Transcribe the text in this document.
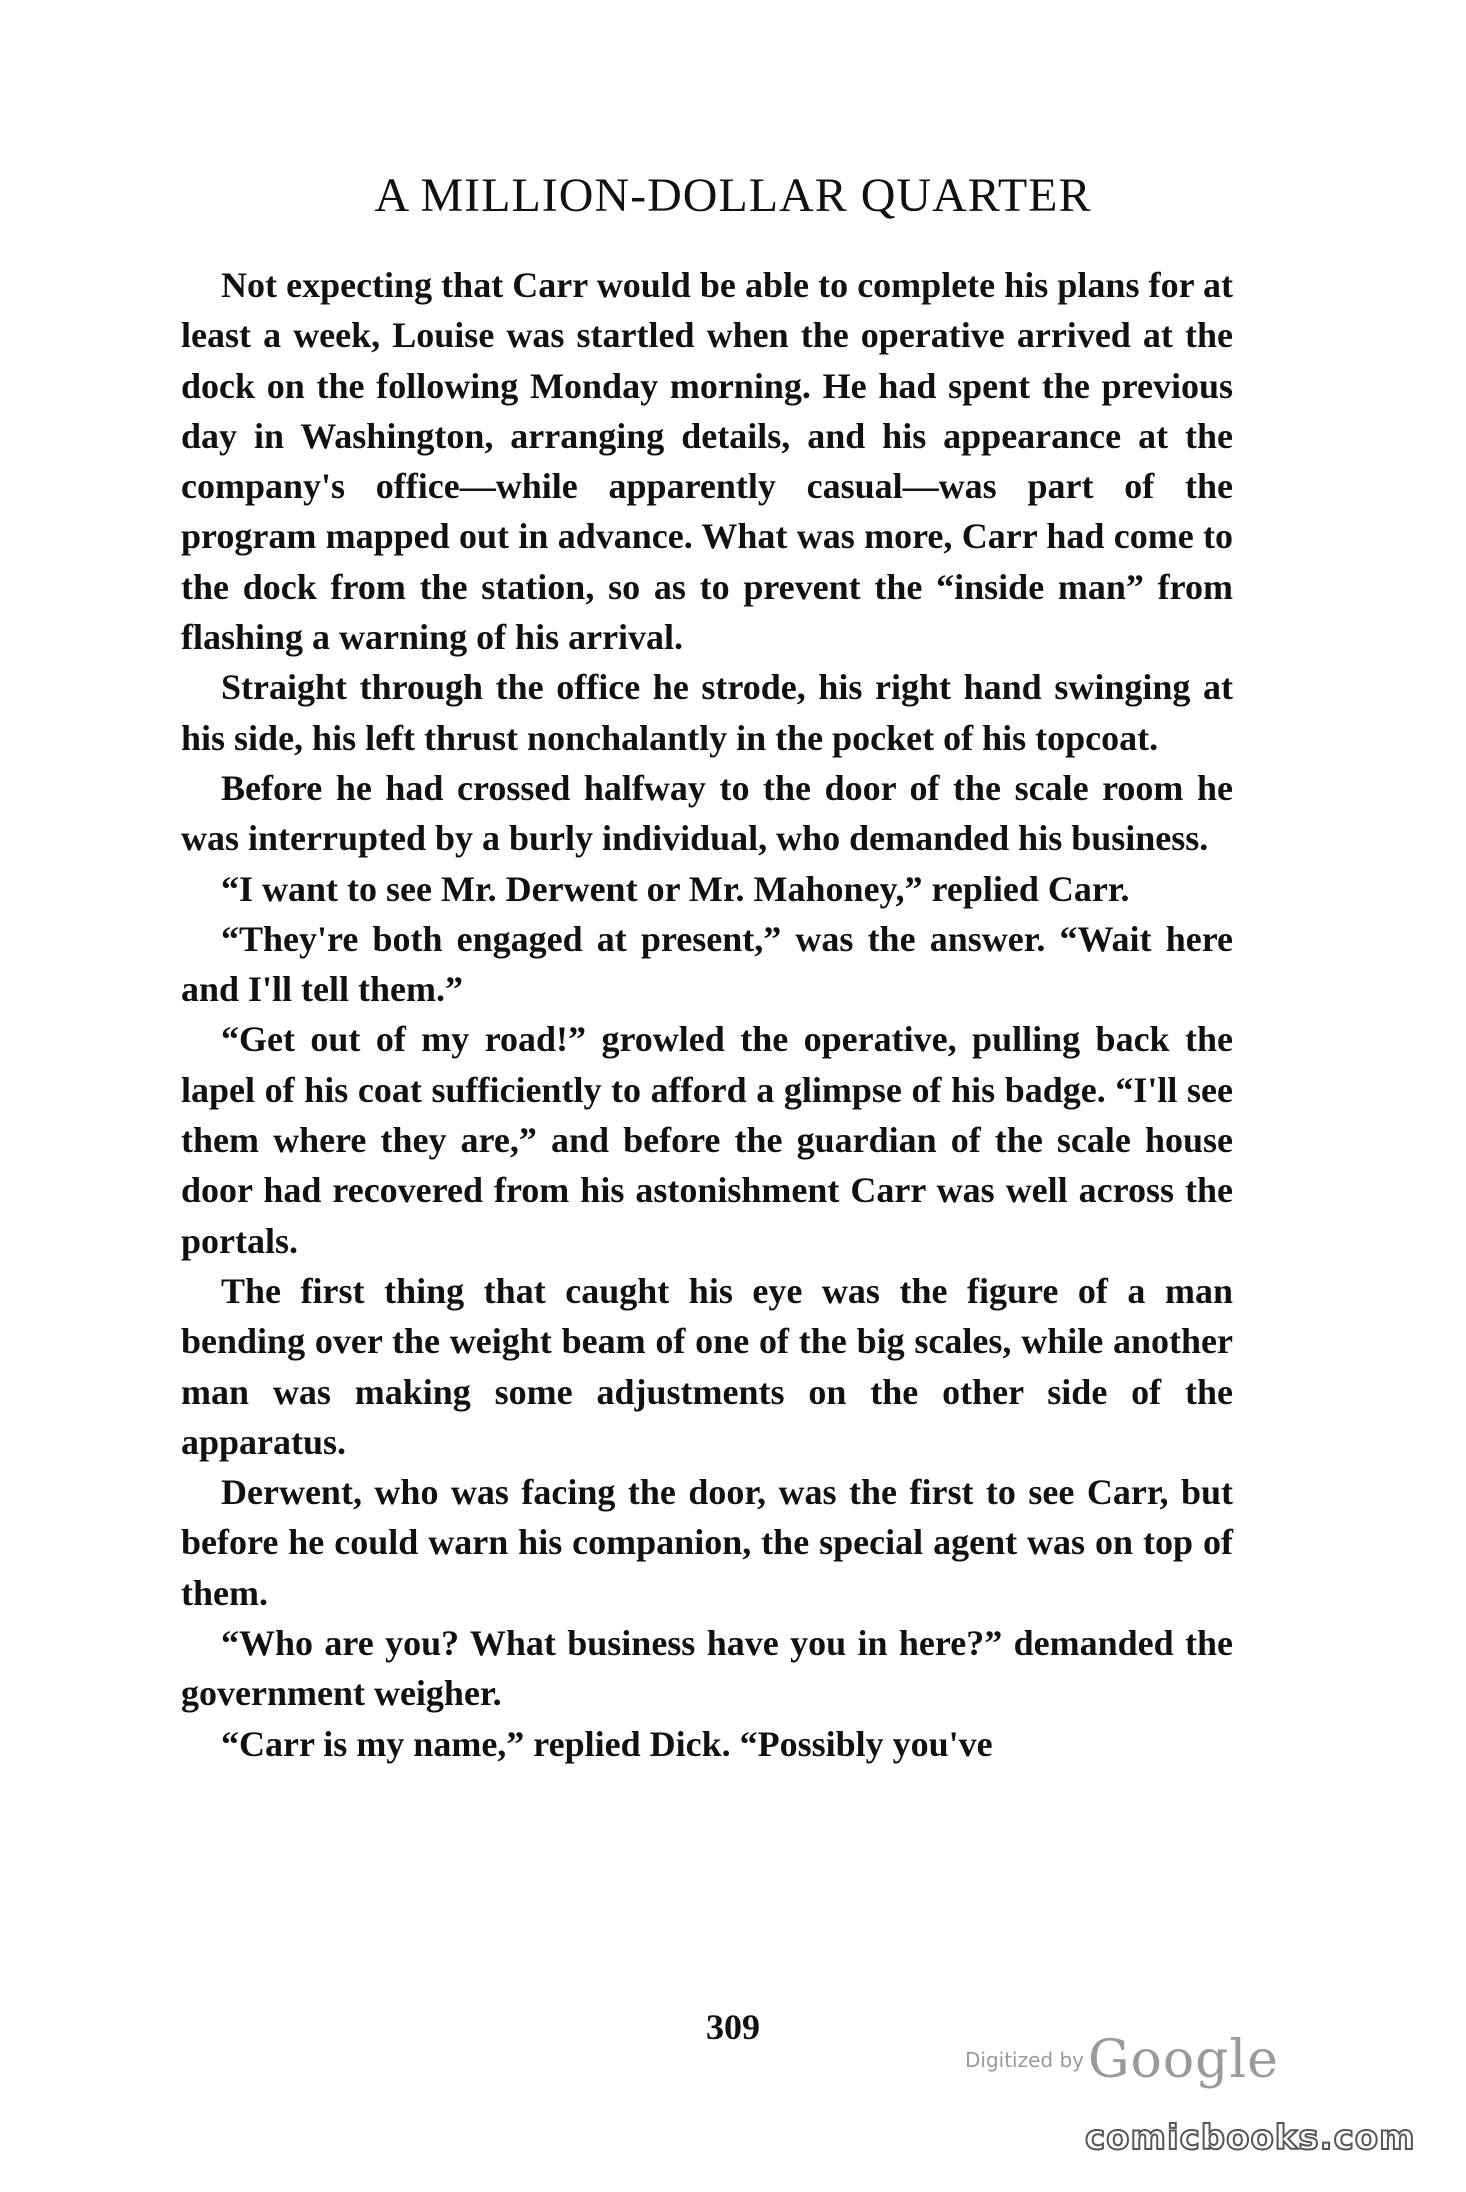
A MILLION-DOLLAR QUARTER

Not expecting that Carr would be able to complete his plans for at least a week, Louise was startled when the operative arrived at the dock on the following Monday morning. He had spent the previous day in Washington, arranging details, and his appearance at the company's office—while apparently casual—was part of the program mapped out in advance. What was more, Carr had come to the dock from the station, so as to prevent the “inside man” from flashing a warning of his arrival.

Straight through the office he strode, his right hand swinging at his side, his left thrust nonchalantly in the pocket of his topcoat.

Before he had crossed halfway to the door of the scale room he was interrupted by a burly individual, who demanded his business.

“I want to see Mr. Derwent or Mr. Mahoney,” replied Carr.

“They're both engaged at present,” was the answer. “Wait here and I'll tell them.”

“Get out of my road!” growled the operative, pulling back the lapel of his coat sufficiently to afford a glimpse of his badge. “I'll see them where they are,” and before the guardian of the scale house door had recovered from his astonishment Carr was well across the portals.

The first thing that caught his eye was the figure of a man bending over the weight beam of one of the big scales, while another man was making some adjustments on the other side of the apparatus.

Derwent, who was facing the door, was the first to see Carr, but before he could warn his companion, the special agent was on top of them.

“Who are you? What business have you in here?” demanded the government weigher.

“Carr is my name,” replied Dick. “Possibly you've

309
Digitized by Google
comicbooks.com
